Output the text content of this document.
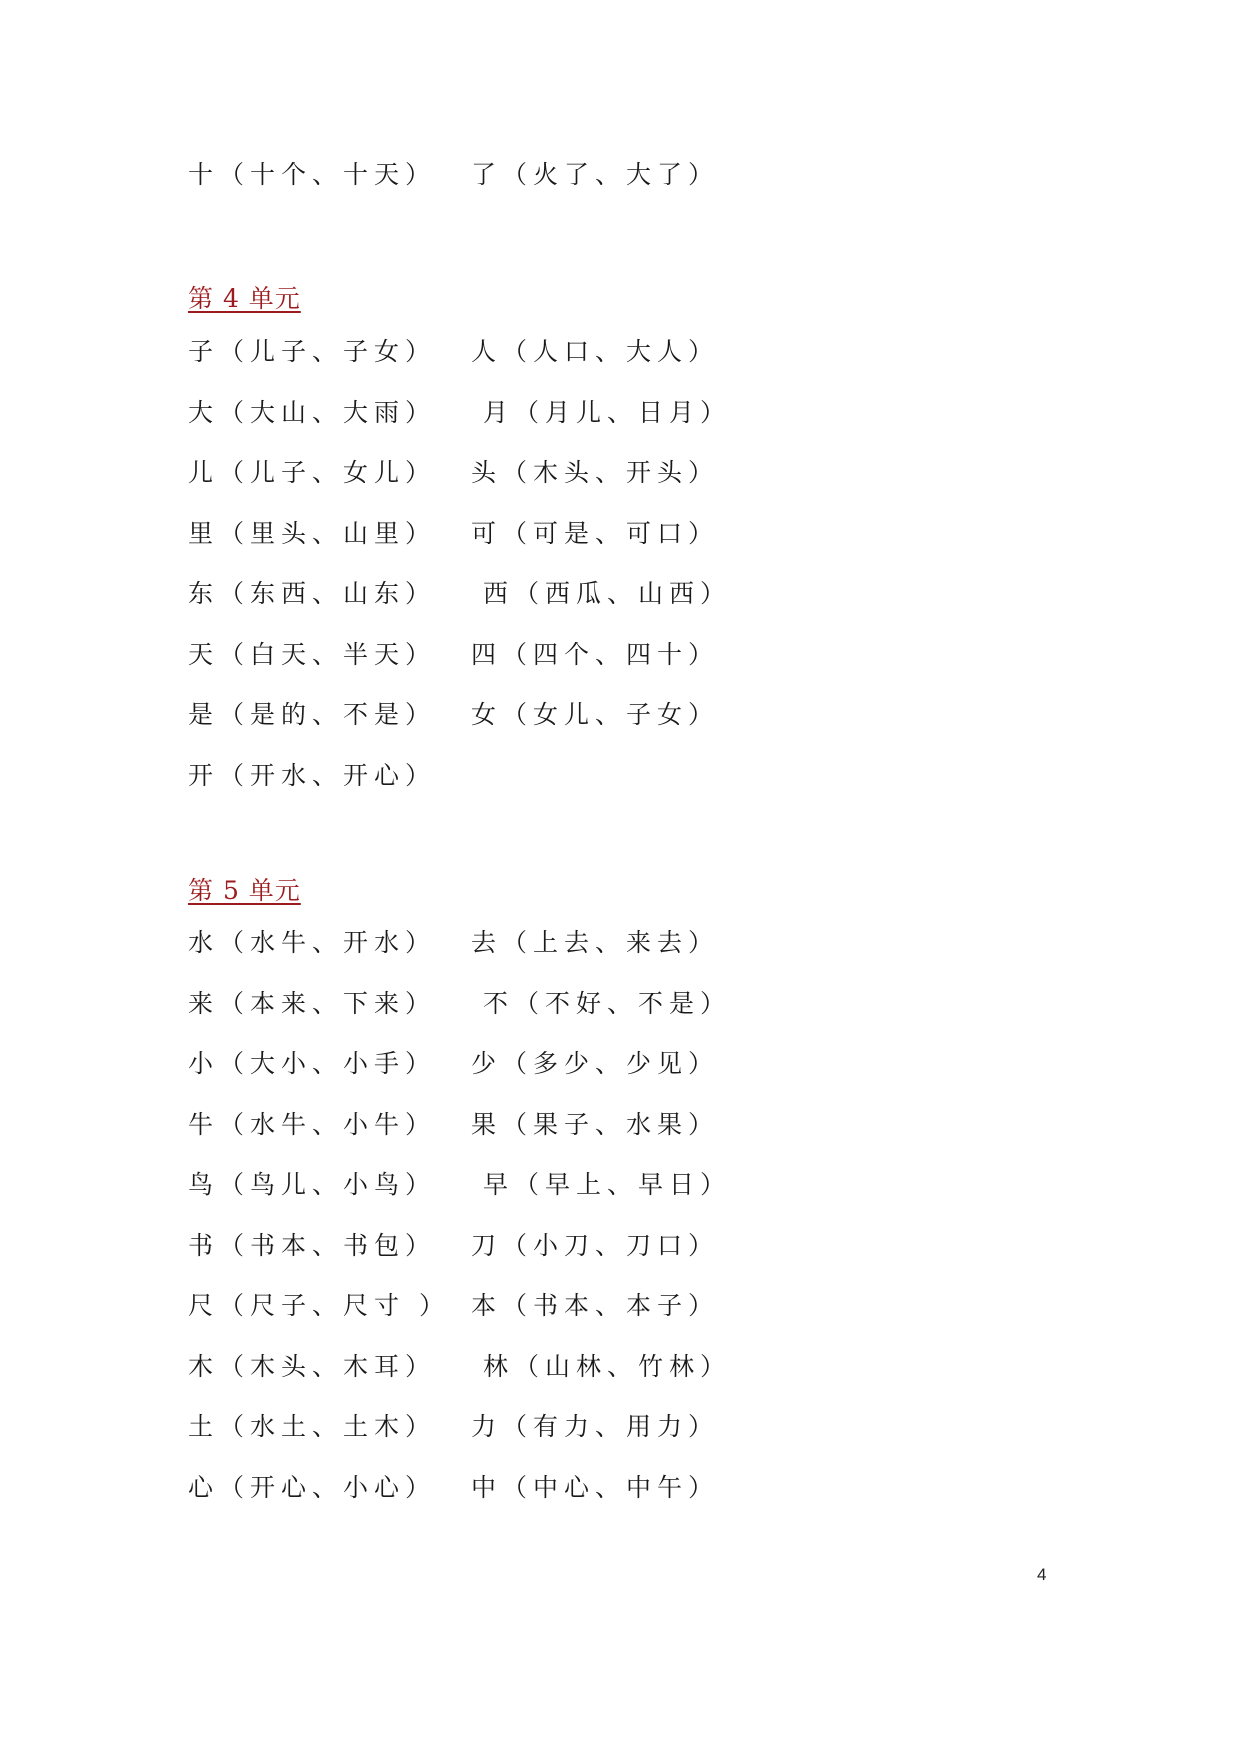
十（十个、十天） 了（火了、大了）
第 4 单元
子（儿子、子女） 人（人口、大人）
大（大山、大雨） 月（月儿、日月）
儿（儿子、女儿） 头（木头、开头）
里（里头、山里） 可（可是、可口）
东（东西、山东） 西（西瓜、山西）
天（白天、半天） 四（四个、四十）
是（是的、不是） 女（女儿、子女）
开（开水、开心）
第 5 单元
水（水牛、开水） 去（上去、来去）
来（本来、下来） 不（不好、不是）
小（大小、小手） 少（多少、少见）
牛（水牛、小牛） 果（果子、水果）
鸟（鸟儿、小鸟） 早（早上、早日）
书（书本、书包） 刀（小刀、刀口）
尺（尺子、尺寸 ） 本（书本、本子）
木（木头、木耳） 林（山林、竹林）
土（水土、土木） 力（有力、用力）
心（开心、小心） 中（中心、中午）
4
